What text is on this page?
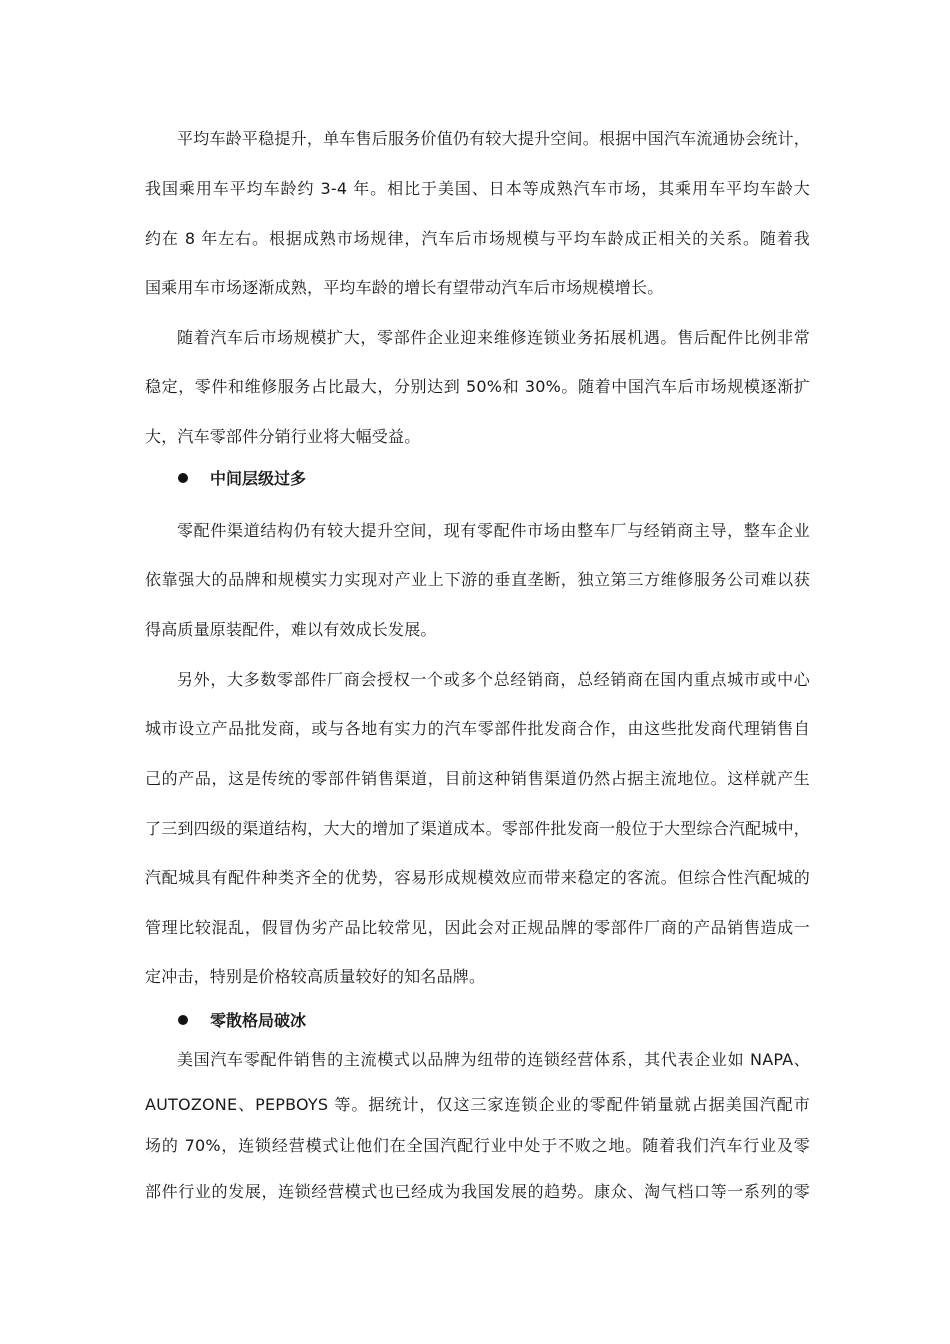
平均车龄平稳提升，单车售后服务价值仍有较大提升空间。根据中国汽车流通协会统计，
我国乘用车平均车龄约 3-4 年。相比于美国、日本等成熟汽车市场，其乘用车平均车龄大
约在 8 年左右。根据成熟市场规律，汽车后市场规模与平均车龄成正相关的关系。随着我
国乘用车市场逐渐成熟，平均车龄的增长有望带动汽车后市场规模增长。
随着汽车后市场规模扩大，零部件企业迎来维修连锁业务拓展机遇。售后配件比例非常
稳定，零件和维修服务占比最大，分别达到 50%和 30%。随着中国汽车后市场规模逐渐扩
大，汽车零部件分销行业将大幅受益。
中间层级过多
零配件渠道结构仍有较大提升空间，现有零配件市场由整车厂与经销商主导，整车企业
依靠强大的品牌和规模实力实现对产业上下游的垂直垄断，独立第三方维修服务公司难以获
得高质量原装配件，难以有效成长发展。
另外，大多数零部件厂商会授权一个或多个总经销商，总经销商在国内重点城市或中心
城市设立产品批发商，或与各地有实力的汽车零部件批发商合作，由这些批发商代理销售自
己的产品，这是传统的零部件销售渠道，目前这种销售渠道仍然占据主流地位。这样就产生
了三到四级的渠道结构，大大的增加了渠道成本。零部件批发商一般位于大型综合汽配城中，
汽配城具有配件种类齐全的优势，容易形成规模效应而带来稳定的客流。但综合性汽配城的
管理比较混乱，假冒伪劣产品比较常见，因此会对正规品牌的零部件厂商的产品销售造成一
定冲击，特别是价格较高质量较好的知名品牌。
零散格局破冰
美国汽车零配件销售的主流模式以品牌为纽带的连锁经营体系，其代表企业如 NAPA、
AUTOZONE、PEPBOYS 等。据统计，仅这三家连锁企业的零配件销量就占据美国汽配市
场的 70%，连锁经营模式让他们在全国汽配行业中处于不败之地。随着我们汽车行业及零
部件行业的发展，连锁经营模式也已经成为我国发展的趋势。康众、淘气档口等一系列的零
